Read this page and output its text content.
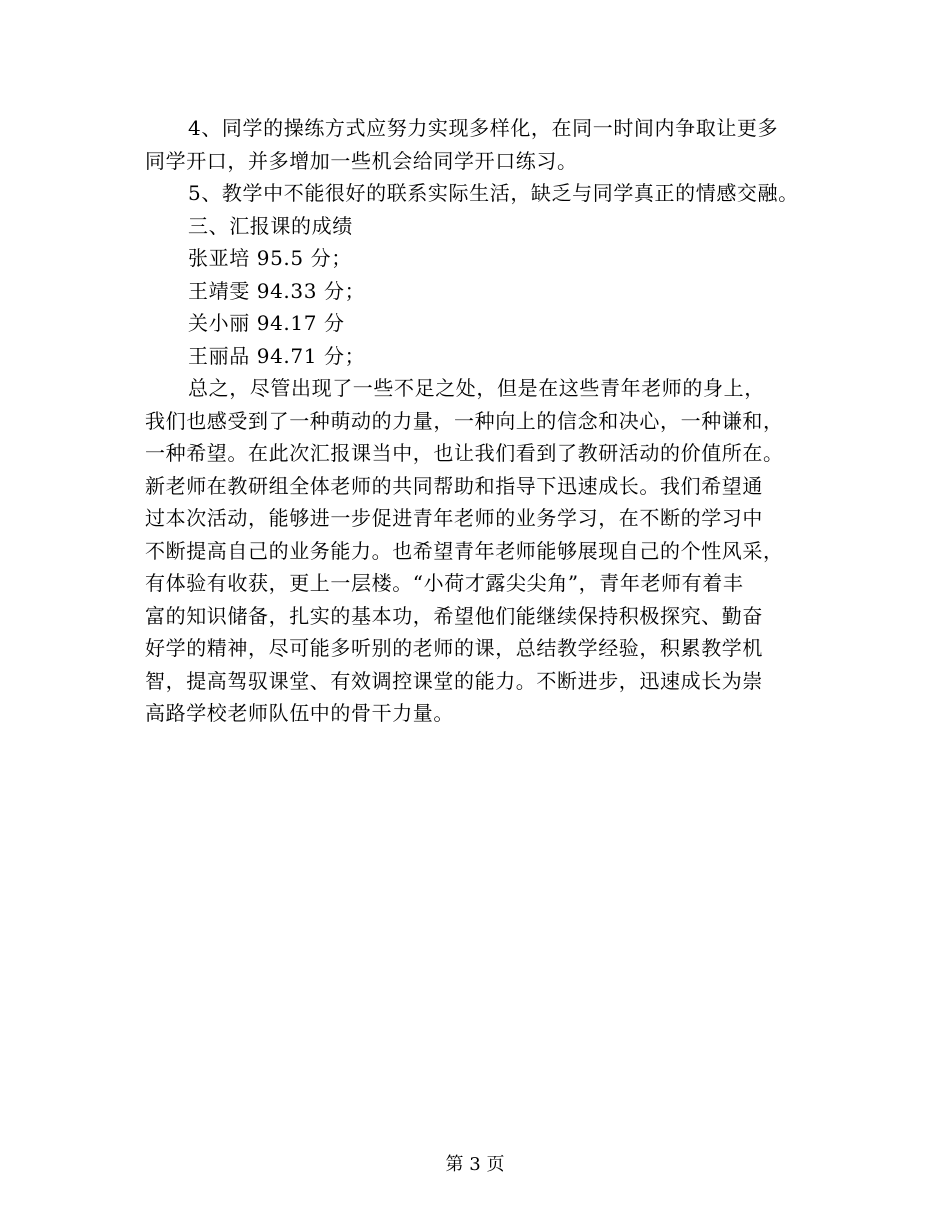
4、同学的操练方式应努力实现多样化，在同一时间内争取让更多
同学开口，并多增加一些机会给同学开口练习。
5、教学中不能很好的联系实际生活，缺乏与同学真正的情感交融。
三、汇报课的成绩
张亚培 95.5 分；
王靖雯 94.33 分；
关小丽 94.17 分
王丽品 94.71 分；
总之，尽管出现了一些不足之处，但是在这些青年老师的身上，
我们也感受到了一种萌动的力量，一种向上的信念和决心，一种谦和，
一种希望。在此次汇报课当中，也让我们看到了教研活动的价值所在。
新老师在教研组全体老师的共同帮助和指导下迅速成长。我们希望通
过本次活动，能够进一步促进青年老师的业务学习，在不断的学习中
不断提高自己的业务能力。也希望青年老师能够展现自己的个性风采，
有体验有收获，更上一层楼。“小荷才露尖尖角”，青年老师有着丰
富的知识储备，扎实的基本功，希望他们能继续保持积极探究、勤奋
好学的精神，尽可能多听别的老师的课，总结教学经验，积累教学机
智，提高驾驭课堂、有效调控课堂的能力。不断进步，迅速成长为崇
高路学校老师队伍中的骨干力量。
第 3 页
